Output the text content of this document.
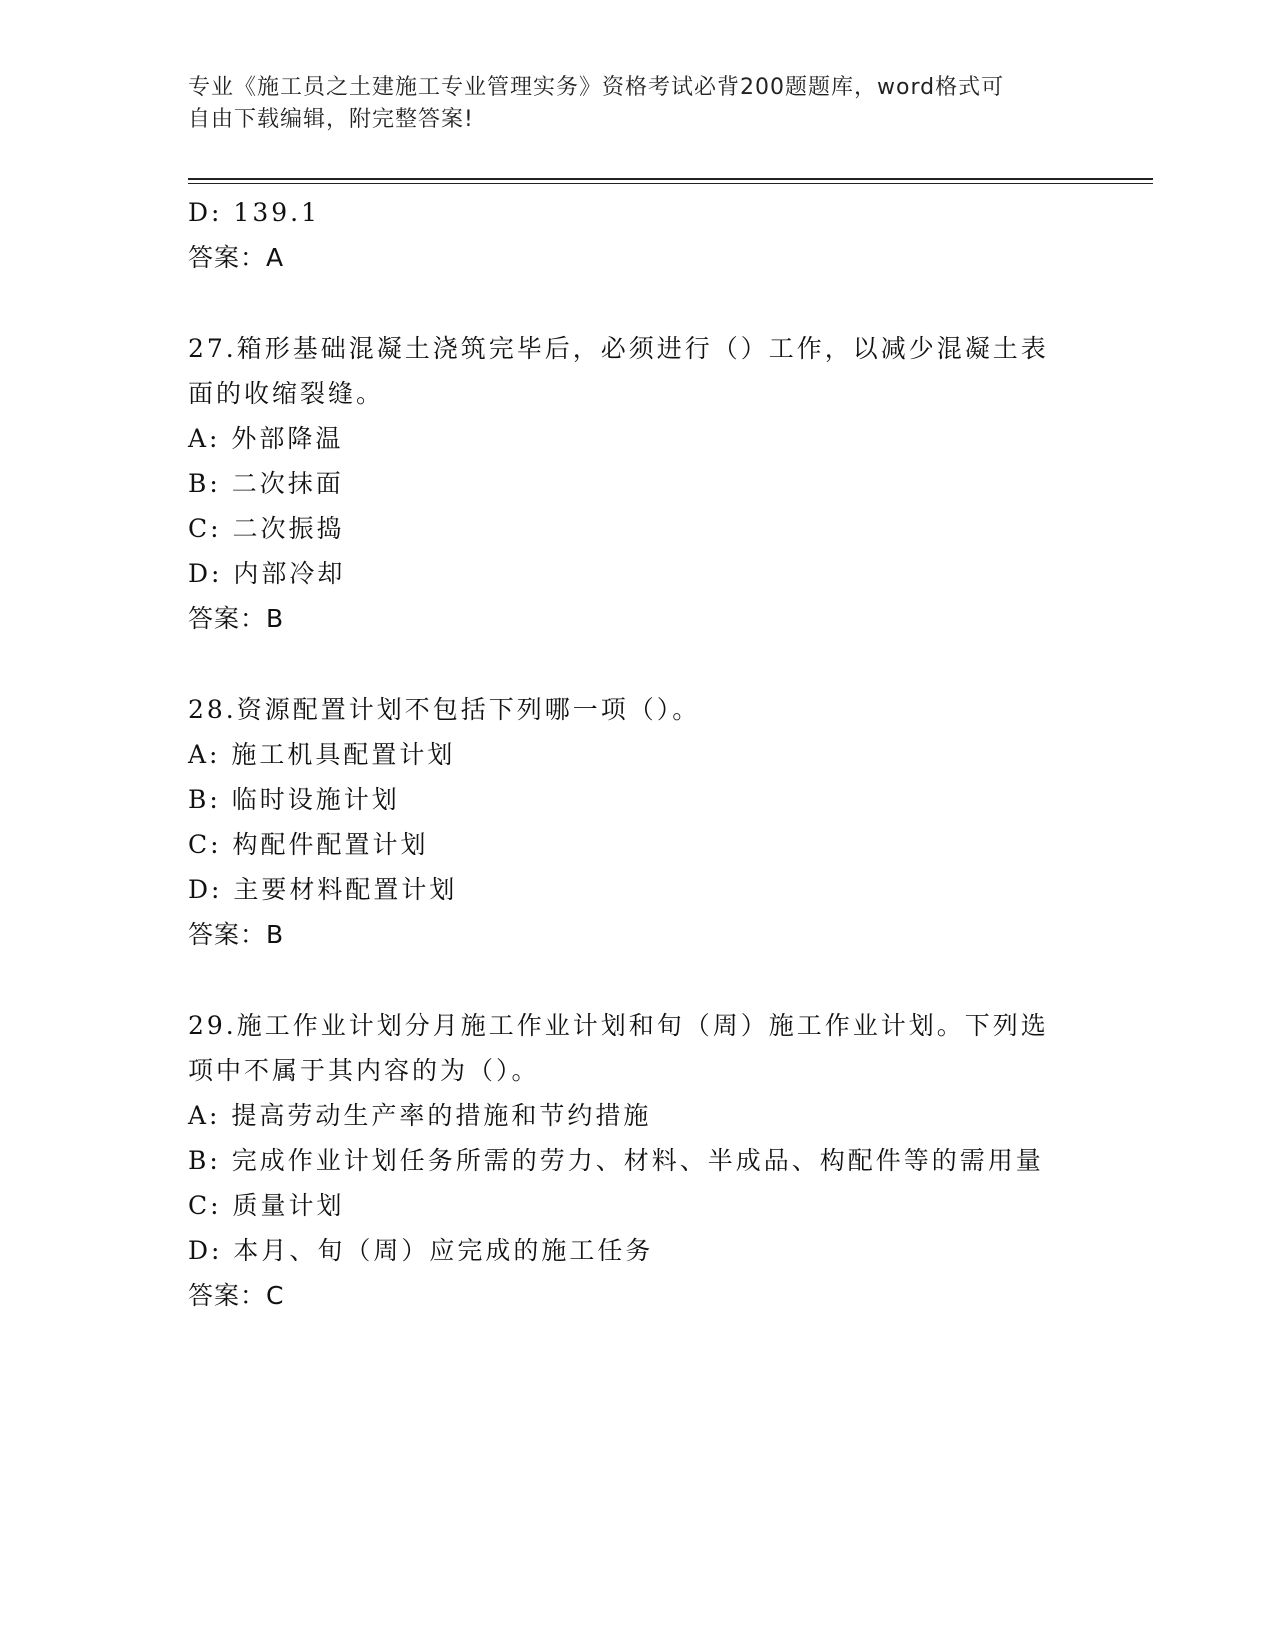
专业《施工员之土建施工专业管理实务》资格考试必背200题题库，word格式可
自由下载编辑，附完整答案!
D: 139.1
答案：A
27.箱形基础混凝土浇筑完毕后，必须进行（）工作，以减少混凝土表
面的收缩裂缝。
A: 外部降温
B: 二次抹面
C: 二次振捣
D: 内部冷却
答案：B
28.资源配置计划不包括下列哪一项（）。
A: 施工机具配置计划
B: 临时设施计划
C: 构配件配置计划
D: 主要材料配置计划
答案：B
29.施工作业计划分月施工作业计划和旬（周）施工作业计划。下列选
项中不属于其内容的为（）。
A: 提高劳动生产率的措施和节约措施
B: 完成作业计划任务所需的劳力、材料、半成品、构配件等的需用量
C: 质量计划
D: 本月、旬（周）应完成的施工任务
答案：C
